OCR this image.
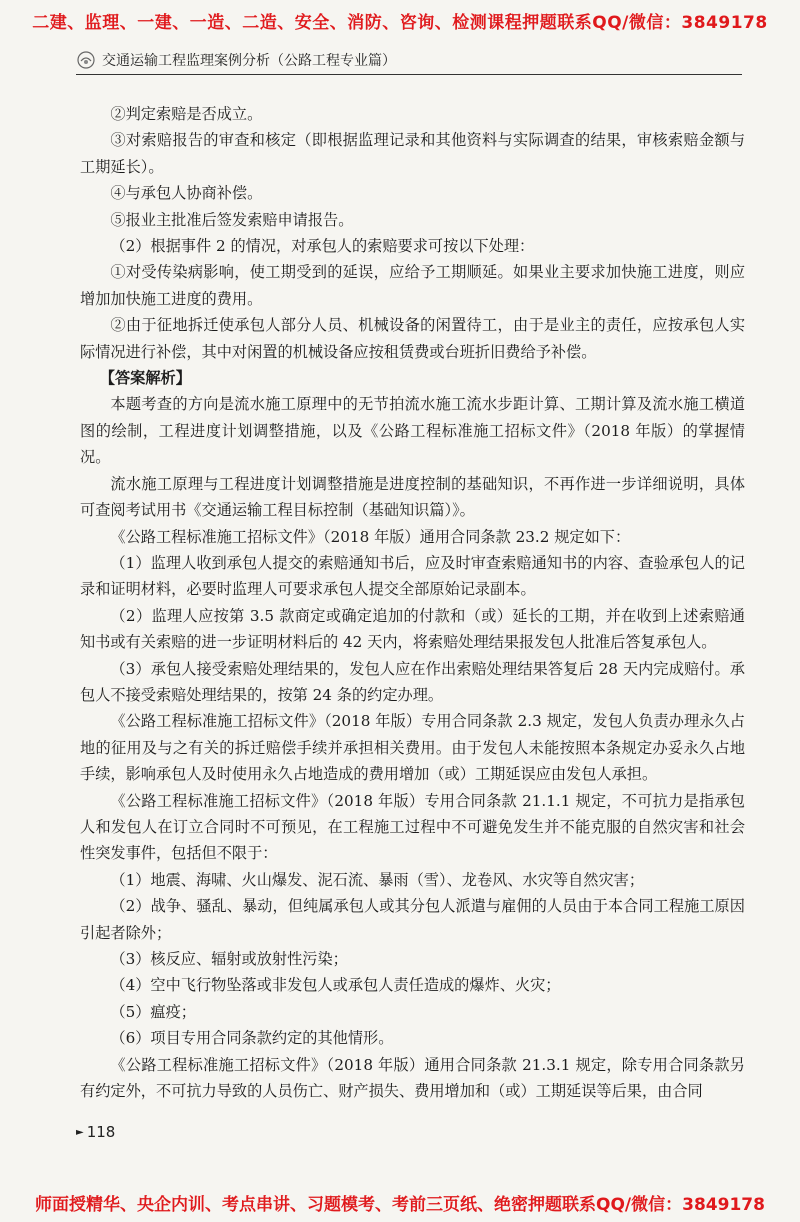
二建、监理、一建、一造、二造、安全、消防、咨询、检测课程押题联系QQ/微信：3849178
交通运输工程监理案例分析（公路工程专业篇）

②判定索赔是否成立。

③对索赔报告的审查和核定（即根据监理记录和其他资料与实际调查的结果，审核索赔金额与工期延长）。

④与承包人协商补偿。

⑤报业主批准后签发索赔申请报告。

（2）根据事件 2 的情况，对承包人的索赔要求可按以下处理：

①对受传染病影响，使工期受到的延误，应给予工期顺延。如果业主要求加快施工进度，则应增加加快施工进度的费用。

②由于征地拆迁使承包人部分人员、机械设备的闲置待工，由于是业主的责任，应按承包人实际情况进行补偿，其中对闲置的机械设备应按租赁费或台班折旧费给予补偿。

【答案解析】

本题考查的方向是流水施工原理中的无节拍流水施工流水步距计算、工期计算及流水施工横道图的绘制，工程进度计划调整措施，以及《公路工程标准施工招标文件》（2018 年版）的掌握情况。

流水施工原理与工程进度计划调整措施是进度控制的基础知识，不再作进一步详细说明，具体可查阅考试用书《交通运输工程目标控制（基础知识篇）》。

《公路工程标准施工招标文件》（2018 年版）通用合同条款 23.2 规定如下：

（1）监理人收到承包人提交的索赔通知书后，应及时审查索赔通知书的内容、查验承包人的记录和证明材料，必要时监理人可要求承包人提交全部原始记录副本。

（2）监理人应按第 3.5 款商定或确定追加的付款和（或）延长的工期，并在收到上述索赔通知书或有关索赔的进一步证明材料后的 42 天内，将索赔处理结果报发包人批准后答复承包人。

（3）承包人接受索赔处理结果的，发包人应在作出索赔处理结果答复后 28 天内完成赔付。承包人不接受索赔处理结果的，按第 24 条的约定办理。

《公路工程标准施工招标文件》（2018 年版）专用合同条款 2.3 规定，发包人负责办理永久占地的征用及与之有关的拆迁赔偿手续并承担相关费用。由于发包人未能按照本条规定办妥永久占地手续，影响承包人及时使用永久占地造成的费用增加（或）工期延误应由发包人承担。

《公路工程标准施工招标文件》（2018 年版）专用合同条款 21.1.1 规定，不可抗力是指承包人和发包人在订立合同时不可预见，在工程施工过程中不可避免发生并不能克服的自然灾害和社会性突发事件，包括但不限于：

（1）地震、海啸、火山爆发、泥石流、暴雨（雪）、龙卷风、水灾等自然灾害；

（2）战争、骚乱、暴动，但纯属承包人或其分包人派遣与雇佣的人员由于本合同工程施工原因引起者除外；

（3）核反应、辐射或放射性污染；

（4）空中飞行物坠落或非发包人或承包人责任造成的爆炸、火灾；

（5）瘟疫；

（6）项目专用合同条款约定的其他情形。

《公路工程标准施工招标文件》（2018 年版）通用合同条款 21.3.1 规定，除专用合同条款另有约定外，不可抗力导致的人员伤亡、财产损失、费用增加和（或）工期延误等后果，由合同

► 118
师面授精华、央企内训、考点串讲、习题模考、考前三页纸、绝密押题联系QQ/微信：3849178
